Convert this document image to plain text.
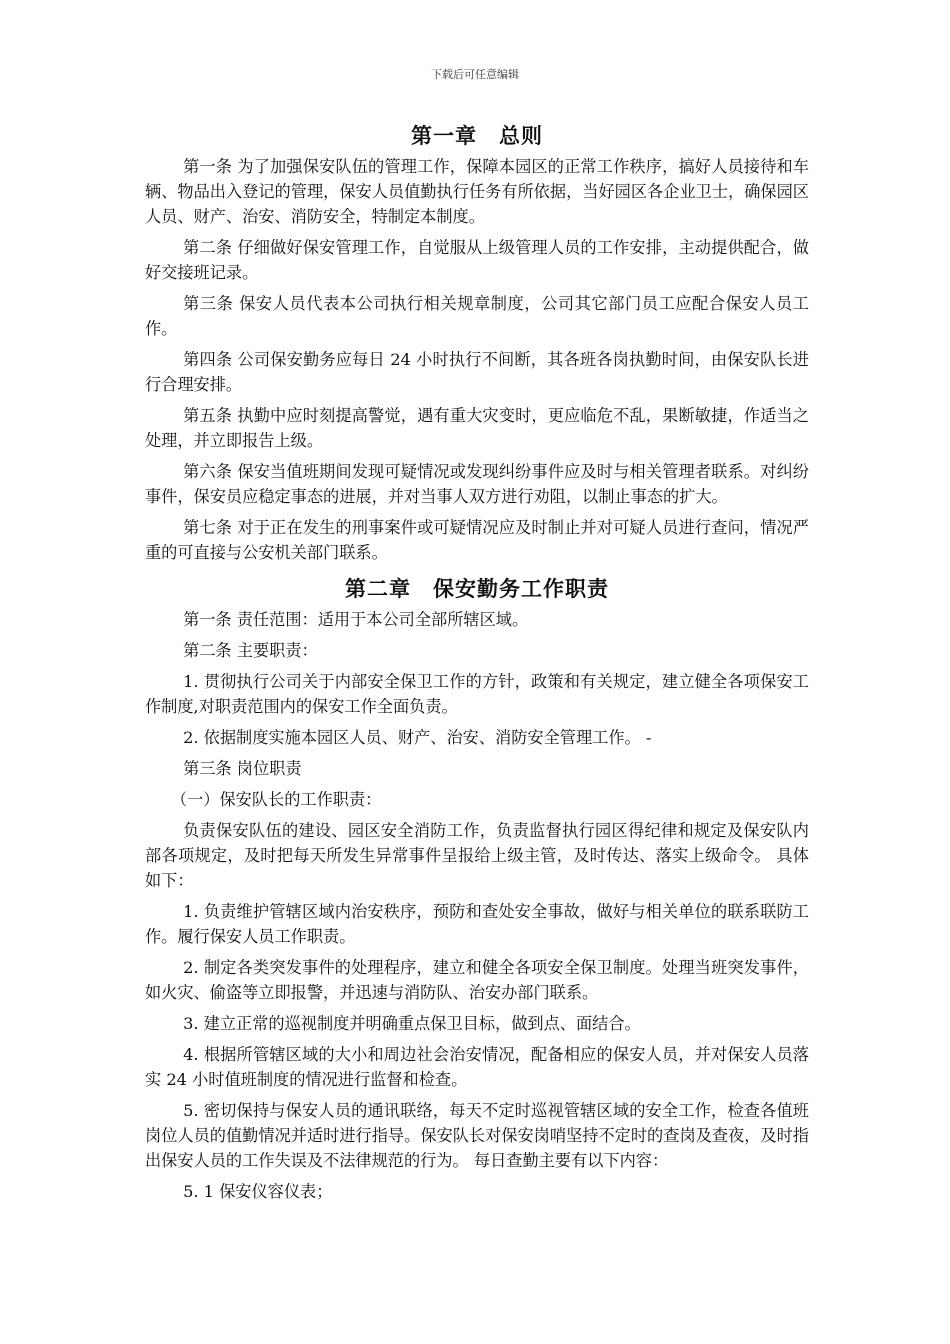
下载后可任意编辑
第一章　总则

第一条 为了加强保安队伍的管理工作，保障本园区的正常工作秩序，搞好人员接待和车辆、物品出入登记的管理，保安人员值勤执行任务有所依据，当好园区各企业卫士，确保园区人员、财产、治安、消防安全，特制定本制度。

第二条 仔细做好保安管理工作，自觉服从上级管理人员的工作安排，主动提供配合，做好交接班记录。

第三条 保安人员代表本公司执行相关规章制度，公司其它部门员工应配合保安人员工作。

第四条 公司保安勤务应每日 24 小时执行不间断，其各班各岗执勤时间，由保安队长进行合理安排。

第五条 执勤中应时刻提高警觉，遇有重大灾变时，更应临危不乱，果断敏捷，作适当之处理，并立即报告上级。

第六条 保安当值班期间发现可疑情况或发现纠纷事件应及时与相关管理者联系。对纠纷事件，保安员应稳定事态的进展，并对当事人双方进行劝阻，以制止事态的扩大。

第七条 对于正在发生的刑事案件或可疑情况应及时制止并对可疑人员进行查问，情况严重的可直接与公安机关部门联系。

第二章　保安勤务工作职责

第一条 责任范围：适用于本公司全部所辖区域。

第二条 主要职责：

1. 贯彻执行公司关于内部安全保卫工作的方针，政策和有关规定，建立健全各项保安工作制度,对职责范围内的保安工作全面负责。

2. 依据制度实施本园区人员、财产、治安、消防安全管理工作。 -

第三条 岗位职责

（一）保安队长的工作职责：

负责保安队伍的建设、园区安全消防工作，负责监督执行园区得纪律和规定及保安队内部各项规定，及时把每天所发生异常事件呈报给上级主管，及时传达、落实上级命令。 具体如下：

1. 负责维护管辖区域内治安秩序，预防和查处安全事故，做好与相关单位的联系联防工作。履行保安人员工作职责。

2. 制定各类突发事件的处理程序，建立和健全各项安全保卫制度。处理当班突发事件，如火灾、偷盗等立即报警，并迅速与消防队、治安办部门联系。

3. 建立正常的巡视制度并明确重点保卫目标，做到点、面结合。

4. 根据所管辖区域的大小和周边社会治安情况，配备相应的保安人员，并对保安人员落实 24 小时值班制度的情况进行监督和检查。

5. 密切保持与保安人员的通讯联络，每天不定时巡视管辖区域的安全工作，检查各值班岗位人员的值勤情况并适时进行指导。保安队长对保安岗哨坚持不定时的查岗及查夜，及时指出保安人员的工作失误及不法律规范的行为。 每日查勤主要有以下内容：

5. 1 保安仪容仪表；
